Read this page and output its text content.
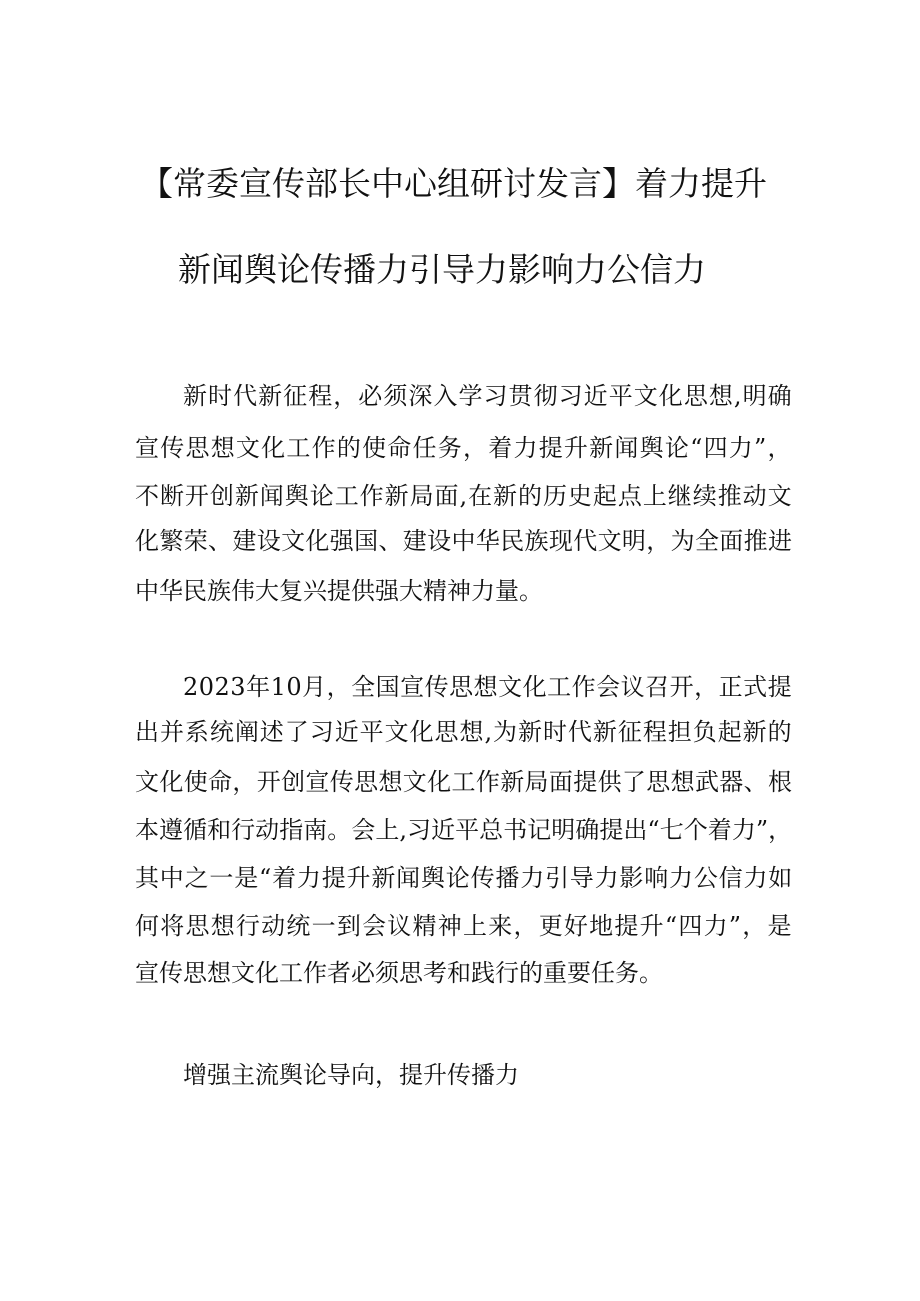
【常委宣传部长中心组研讨发言】着力提升
新闻舆论传播力引导力影响力公信力
新时代新征程，必须深入学习贯彻习近平文化思想,明确
宣传思想文化工作的使命任务，着力提升新闻舆论“四力”，
不断开创新闻舆论工作新局面,在新的历史起点上继续推动文
化繁荣、建设文化强国、建设中华民族现代文明，为全面推进
中华民族伟大复兴提供强大精神力量。
2023年10月，全国宣传思想文化工作会议召开，正式提
出并系统阐述了习近平文化思想,为新时代新征程担负起新的
文化使命，开创宣传思想文化工作新局面提供了思想武器、根
本遵循和行动指南。会上,习近平总书记明确提出“七个着力”，
其中之一是“着力提升新闻舆论传播力引导力影响力公信力如
何将思想行动统一到会议精神上来，更好地提升“四力”，是
宣传思想文化工作者必须思考和践行的重要任务。
增强主流舆论导向，提升传播力
